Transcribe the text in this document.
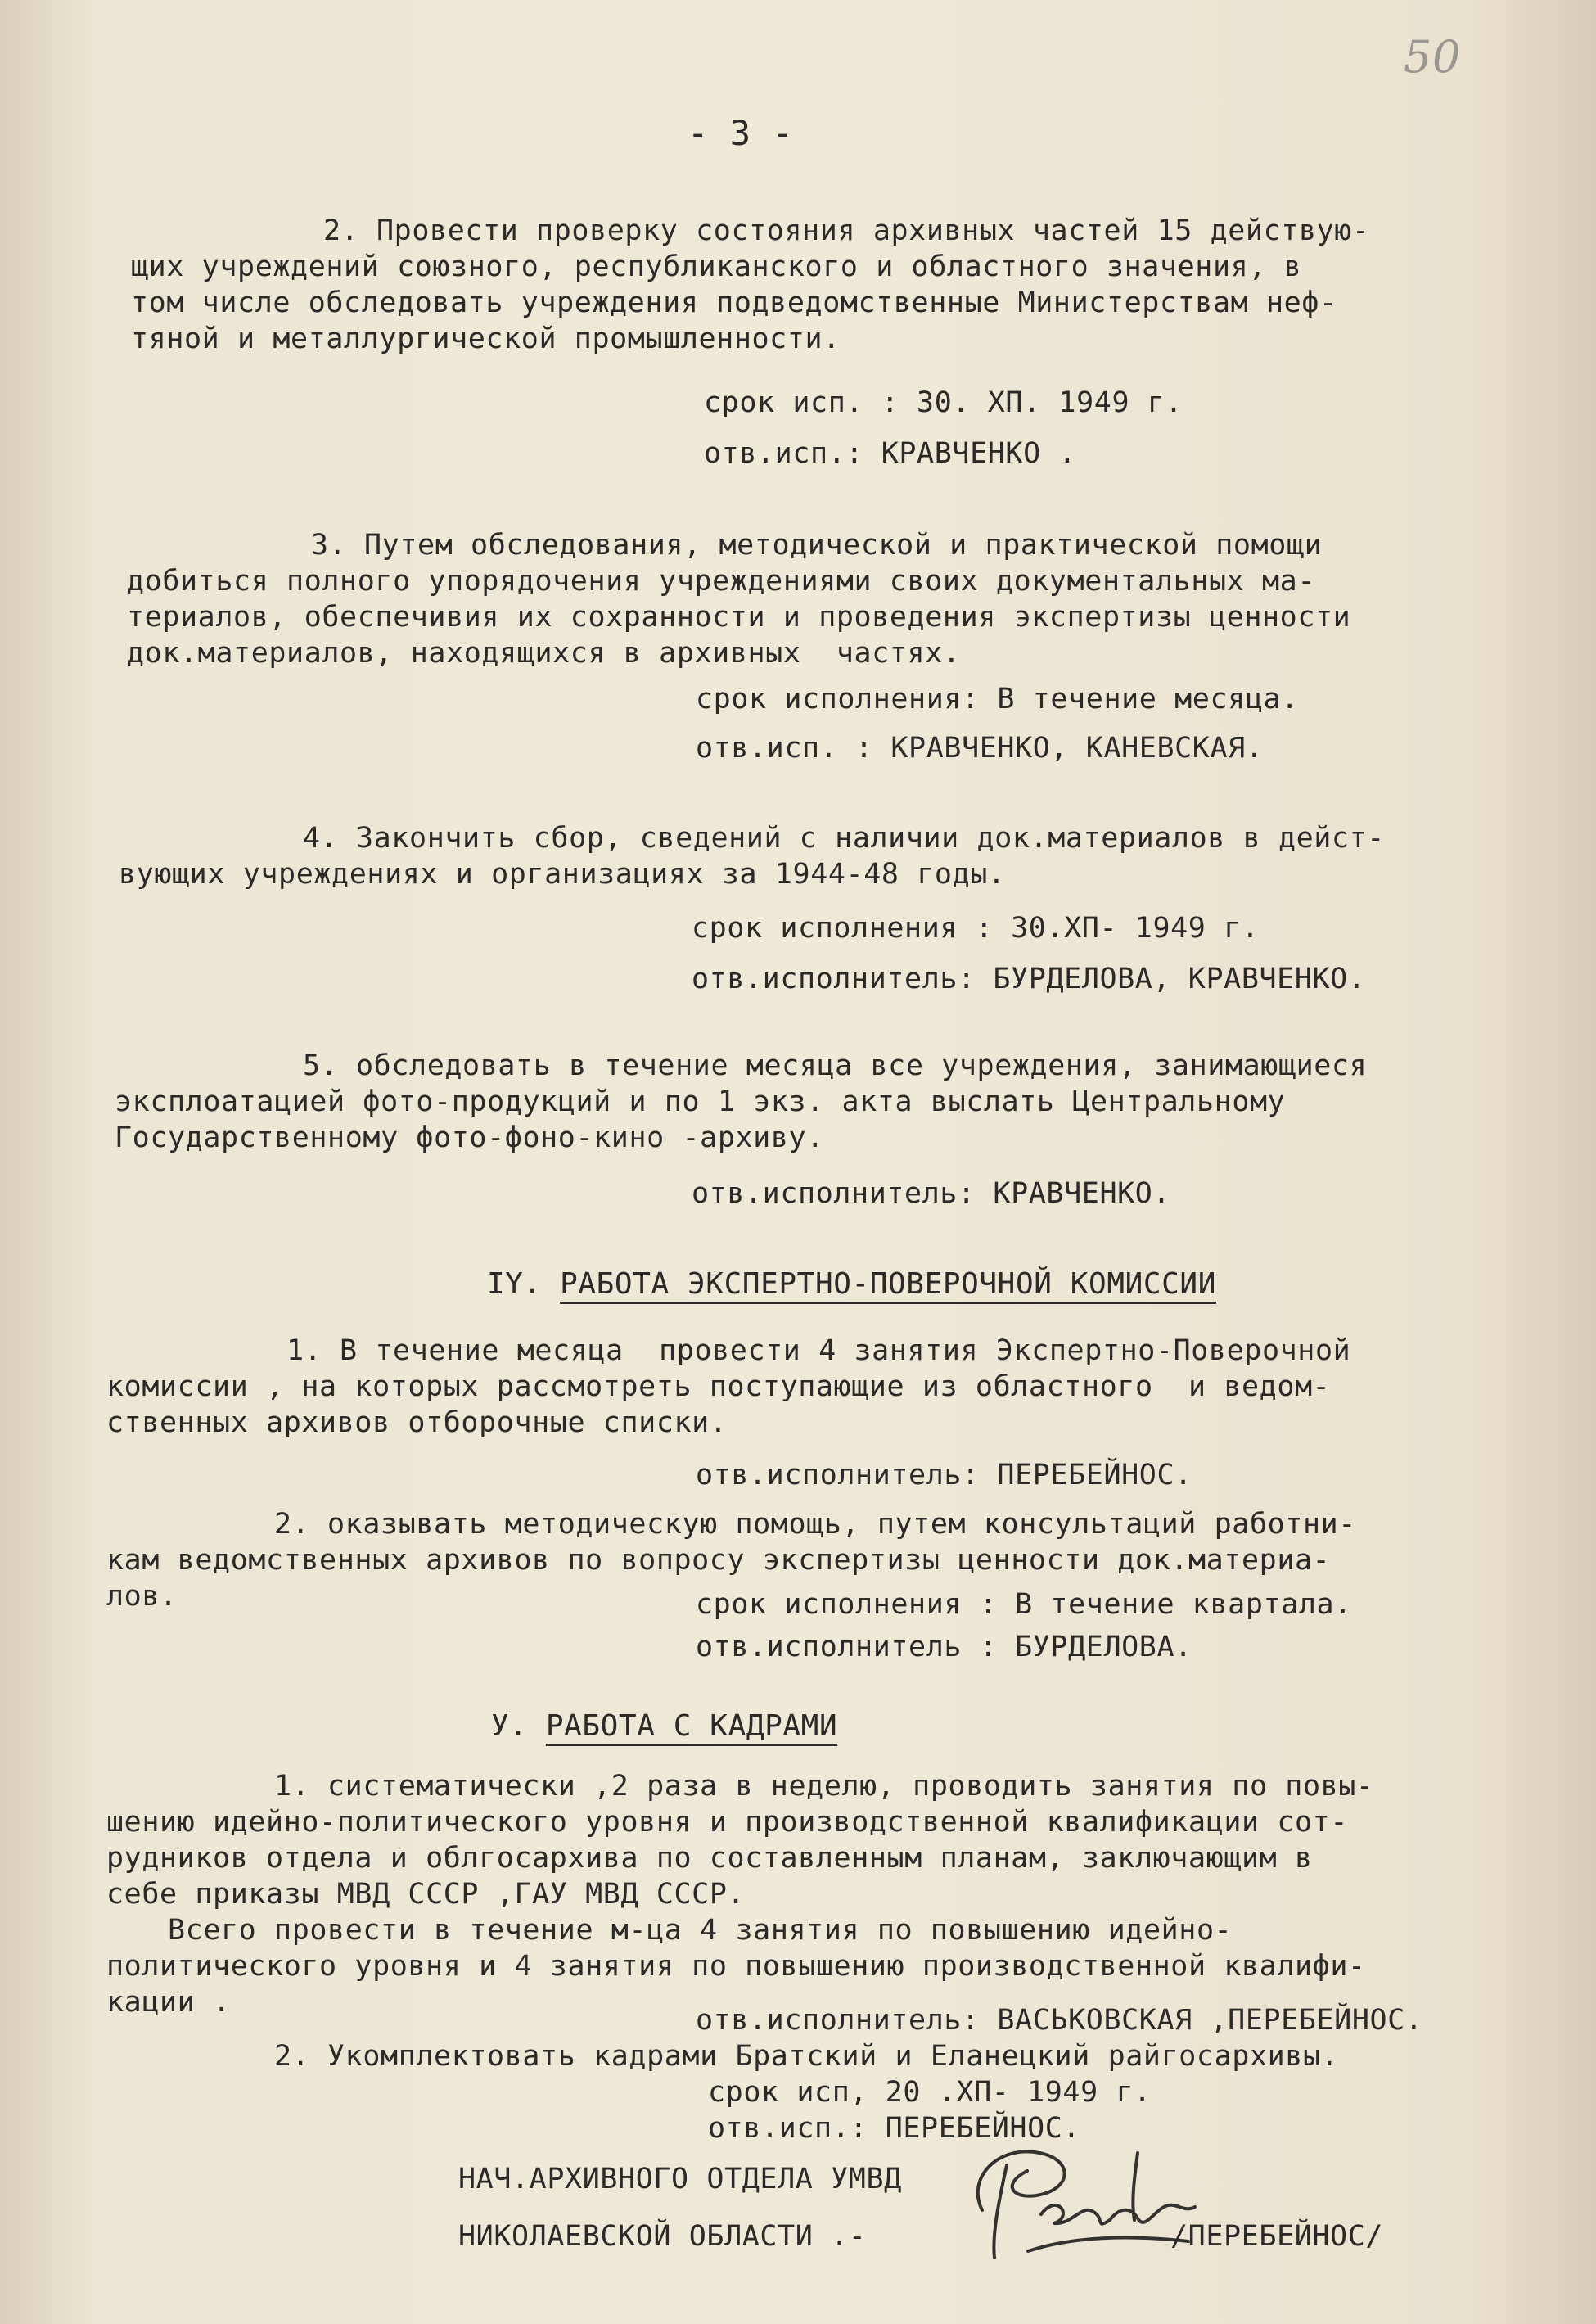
50
- 3 -
2. Провести проверку состояния архивных частей 15 действую-
щих учреждений союзного, республиканского и областного значения, в
том числе обследовать учреждения подведомственные Министерствам неф-
тяной и металлургической промышленности.
срок исп. : 30. XП. 1949 г.
отв.исп.: КРАВЧЕНКО .
3. Путем обследования, методической и практической помощи
добиться полного упорядочения учреждениями своих документальных ма-
териалов, обеспечивия их сохранности и проведения экспертизы ценности
док.материалов, находящихся в архивных  частях.
срок исполнения: В течение месяца.
отв.исп. : КРАВЧЕНКО, КАНЕВСКАЯ.
4. Закончить сбор, сведений с наличии док.материалов в дейст-
вующих учреждениях и организациях за 1944-48 годы.
срок исполнения : 30.XП- 1949 г.
отв.исполнитель: БУРДЕЛОВА, КРАВЧЕНКО.
5. обследовать в течение месяца все учреждения, занимающиеся
эксплоатацией фото-продукций и по 1 экз. акта выслать Центральному
Государственному фото-фоно-кино -архиву.
отв.исполнитель: КРАВЧЕНКО.
IY. РАБОТА ЭКСПЕРТНО-ПОВЕРОЧНОЙ КОМИССИИ
1. В течение месяца  провести 4 занятия Экспертно-Поверочной
комиссии , на которых рассмотреть поступающие из областного  и ведом-
ственных архивов отборочные списки.
отв.исполнитель: ПЕРЕБЕЙНОС.
2. оказывать методическую помощь, путем консультаций работни-
кам ведомственных архивов по вопросу экспертизы ценности док.материа-
лов.	срок исполнения : В течение квартала.
отв.исполнитель : БУРДЕЛОВА.
У. РАБОТА С КАДРАМИ
1. систематически ,2 раза в неделю, проводить занятия по повы-
шению идейно-политического уровня и производственной квалификации сот-
рудников отдела и облгосархива по составленным планам, заключающим в
себе приказы МВД СССР ,ГАУ МВД СССР.
Всего провести в течение м-ца 4 занятия по повышению идейно-
политического уровня и 4 занятия по повышению производственной квалифи-
кации .
отв.исполнитель: ВАСЬКОВСКАЯ ,ПЕРЕБЕЙНОС.
2. Укомплектовать кадрами Братский и Еланецкий райгосархивы.
срок исп, 20 .XП- 1949 г.
отв.исп.: ПЕРЕБЕЙНОС.
НАЧ.АРХИВНОГО ОТДЕЛА УМВД
НИКОЛАЕВСКОЙ ОБЛАСТИ .-	/ПЕРЕБЕЙНОС/
